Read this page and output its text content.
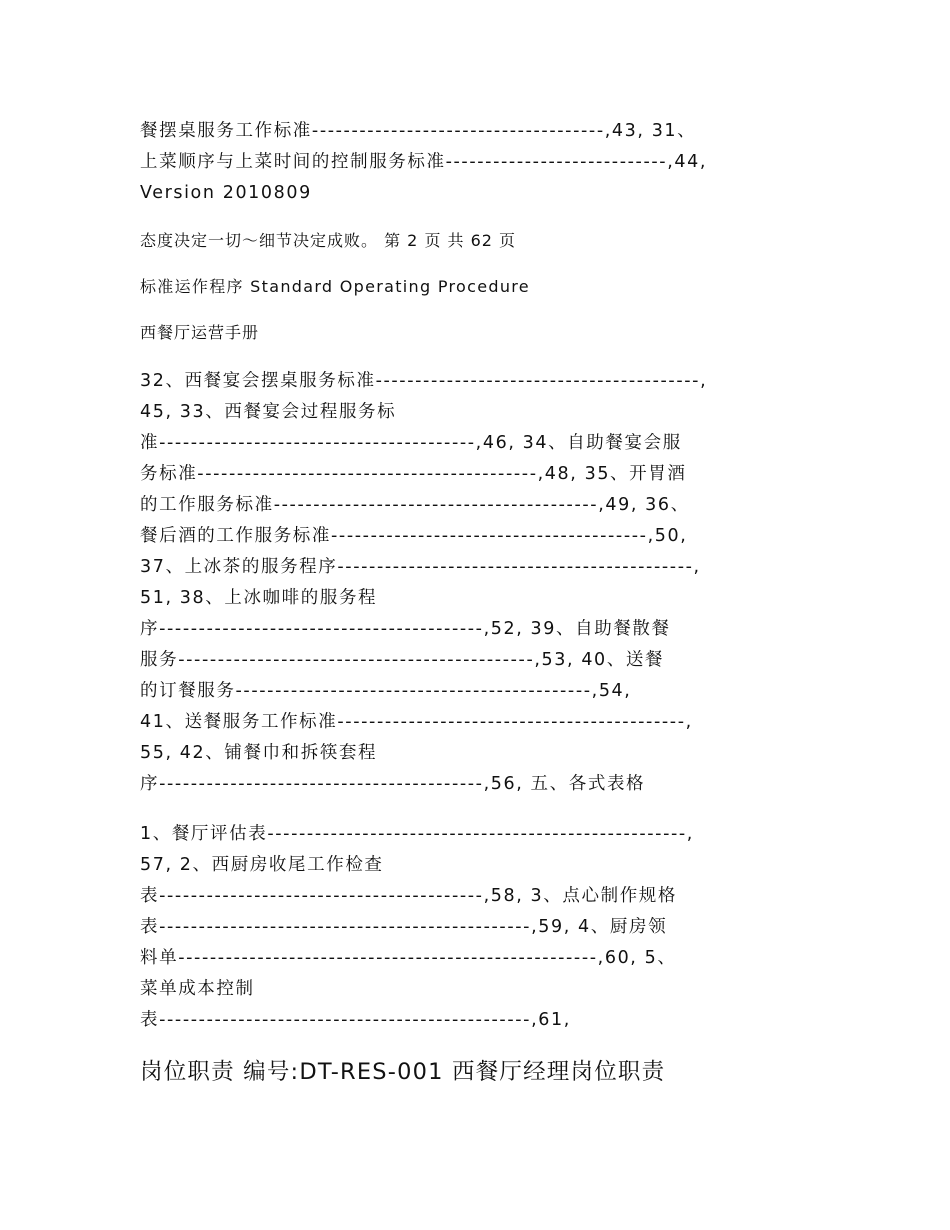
餐摆桌服务工作标准-------------------------------------,43, 31、
上菜顺序与上菜时间的控制服务标准----------------------------,44,
Version 2010809
态度决定一切～细节决定成败。 第 2 页 共 62 页
标准运作程序 Standard Operating Procedure
西餐厅运营手册
32、西餐宴会摆桌服务标准-----------------------------------------,
45, 33、西餐宴会过程服务标
准----------------------------------------,46, 34、自助餐宴会服
务标准-------------------------------------------,48, 35、开胃酒
的工作服务标准-----------------------------------------,49, 36、
餐后酒的工作服务标准----------------------------------------,50,
37、上冰茶的服务程序---------------------------------------------,
51, 38、上冰咖啡的服务程
序-----------------------------------------,52, 39、自助餐散餐
服务---------------------------------------------,53, 40、送餐
的订餐服务---------------------------------------------,54,
41、送餐服务工作标准--------------------------------------------,
55, 42、铺餐巾和拆筷套程
序-----------------------------------------,56, 五、各式表格
1、餐厅评估表-----------------------------------------------------,
57, 2、西厨房收尾工作检查
表-----------------------------------------,58, 3、点心制作规格
表-----------------------------------------------,59, 4、厨房领
料单-----------------------------------------------------,60, 5、
菜单成本控制
表-----------------------------------------------,61,
岗位职责 编号:DT-RES-001 西餐厅经理岗位职责
